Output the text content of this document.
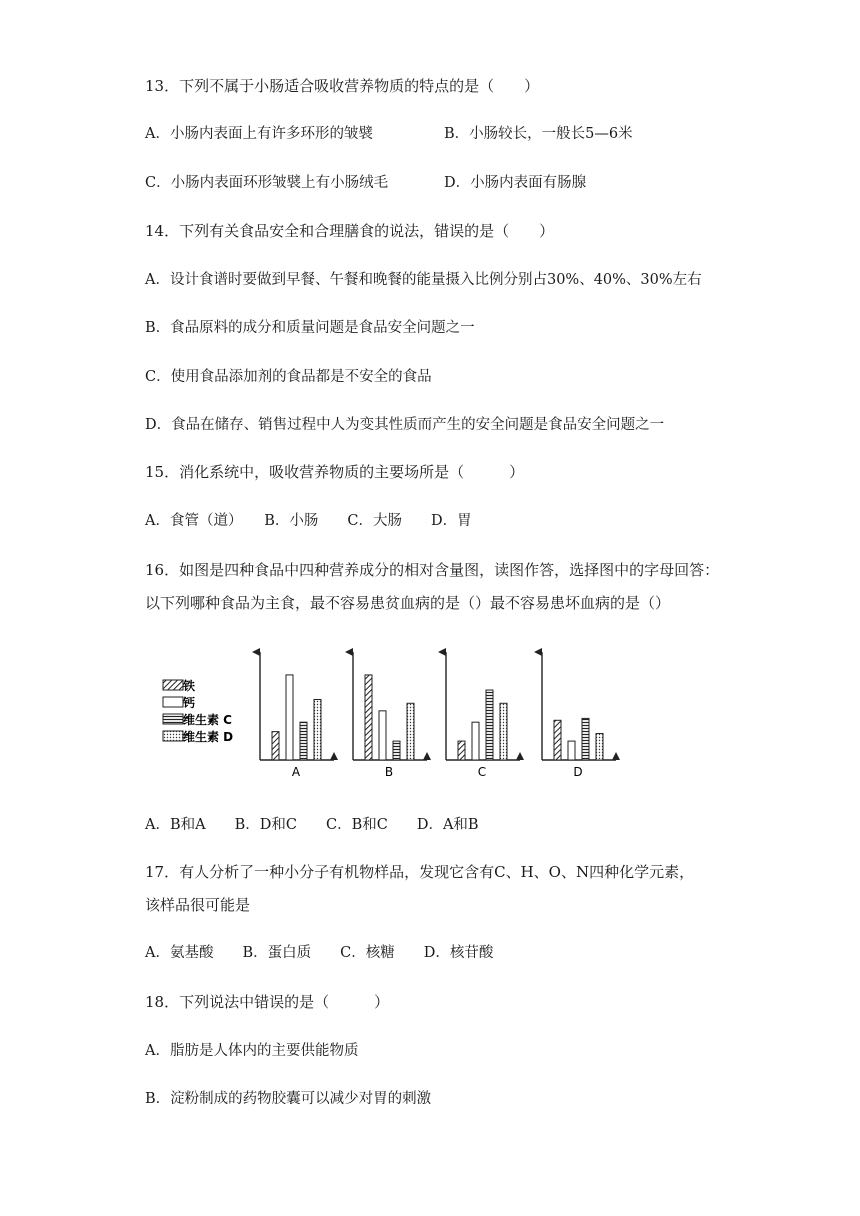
13．下列不属于小肠适合吸收营养物质的特点的是（　　）
A．小肠内表面上有许多环形的皱襞	B．小肠较长，一般长5—6米
C．小肠内表面环形皱襞上有小肠绒毛	D．小肠内表面有肠腺
14．下列有关食品安全和合理膳食的说法，错误的是（　　）
A．设计食谱时要做到早餐、午餐和晚餐的能量摄入比例分别占30%、40%、30%左右
B．食品原料的成分和质量问题是食品安全问题之一
C．使用食品添加剂的食品都是不安全的食品
D．食品在储存、销售过程中人为变其性质而产生的安全问题是食品安全问题之一
15．消化系统中，吸收营养物质的主要场所是（　　　）
A．食管（道）　　B．小肠　　C．大肠　　D．胃
16．如图是四种食品中四种营养成分的相对含量图，读图作答，选择图中的字母回答：
以下列哪种食品为主食，最不容易患贫血病的是（）最不容易患坏血病的是（）
铁
钙
维生素 C
维生素 D
A	B	C	D
A．B和A　　B．D和C　　C．B和C　　D．A和B
17．有人分析了一种小分子有机物样品，发现它含有C、H、O、N四种化学元素，
该样品很可能是
A．氨基酸　　B．蛋白质　　C．核糖　　D．核苷酸
18．下列说法中错误的是（　　　）
A．脂肪是人体内的主要供能物质
B．淀粉制成的药物胶囊可以减少对胃的刺激
